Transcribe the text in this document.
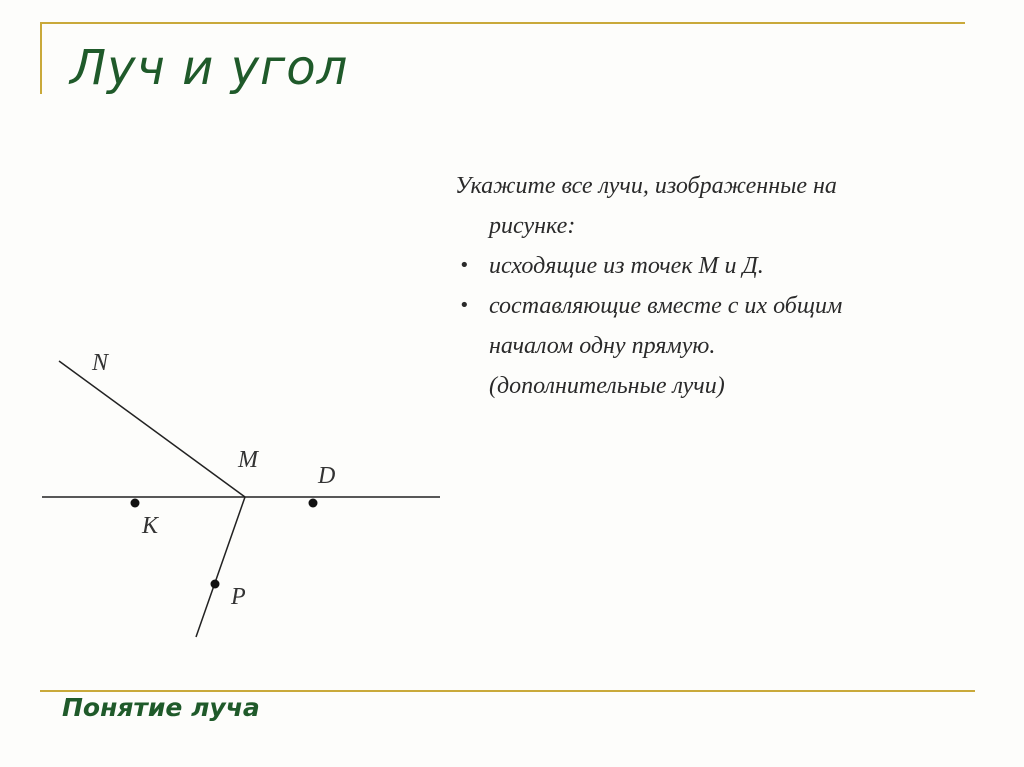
Луч и угол
Укажите все лучи, изображенные на
рисунке:
• исходящие из точек М и Д.
• составляющие вместе с их общим
началом одну прямую.
(дополнительные лучи)
N
M
D
K
P
Понятие луча
